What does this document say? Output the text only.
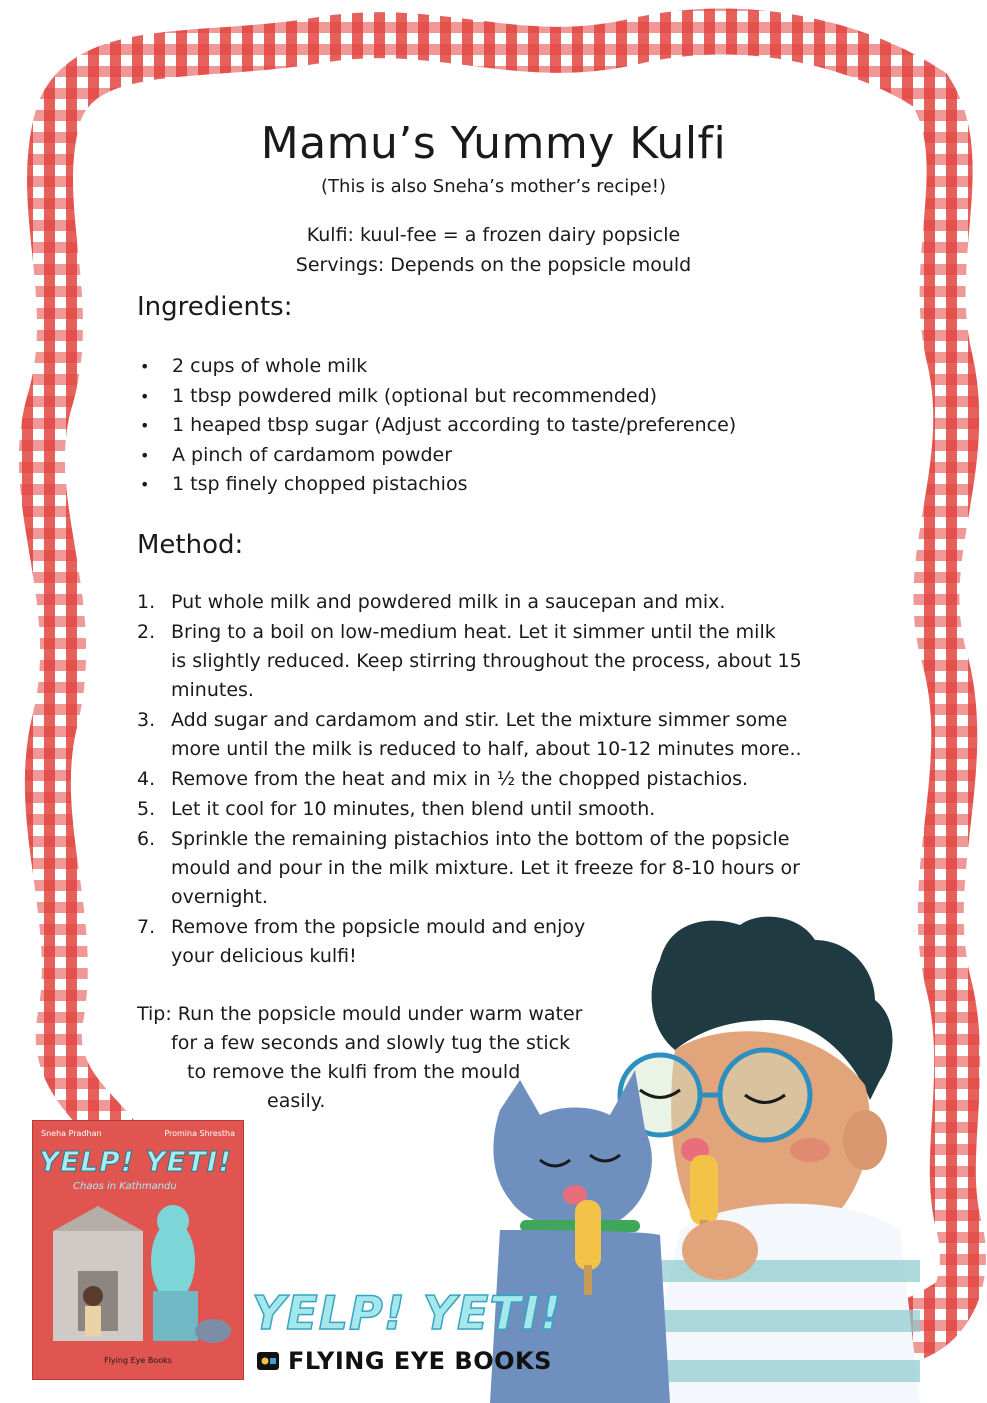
Mamu’s Yummy Kulfi
(This is also Sneha’s mother’s recipe!)
Kulfi: kuul-fee = a frozen dairy popsicle
Servings: Depends on the popsicle mould
Ingredients:
• 2 cups of whole milk
• 1 tbsp powdered milk (optional but recommended)
• 1 heaped tbsp sugar (Adjust according to taste/preference)
• A pinch of cardamom powder
• 1 tsp finely chopped pistachios
Method:
1. Put whole milk and powdered milk in a saucepan and mix.
2. Bring to a boil on low-medium heat. Let it simmer until the milk
is slightly reduced. Keep stirring throughout the process, about 15
minutes.
3. Add sugar and cardamom and stir. Let the mixture simmer some
more until the milk is reduced to half, about 10-12 minutes more..
4. Remove from the heat and mix in ½ the chopped pistachios.
5. Let it cool for 10 minutes, then blend until smooth.
6. Sprinkle the remaining pistachios into the bottom of the popsicle
mould and pour in the milk mixture. Let it freeze for 8-10 hours or
overnight.
7. Remove from the popsicle mould and enjoy
your delicious kulfi!
Tip: Run the popsicle mould under warm water
for a few seconds and slowly tug the stick
to remove the kulfi from the mould
easily.
Sneha Pradhan	Promina Shrestha
YELP! YETI!
Chaos in Kathmandu
Flying Eye Books
YELP! YETI!
FLYING EYE BOOKS
